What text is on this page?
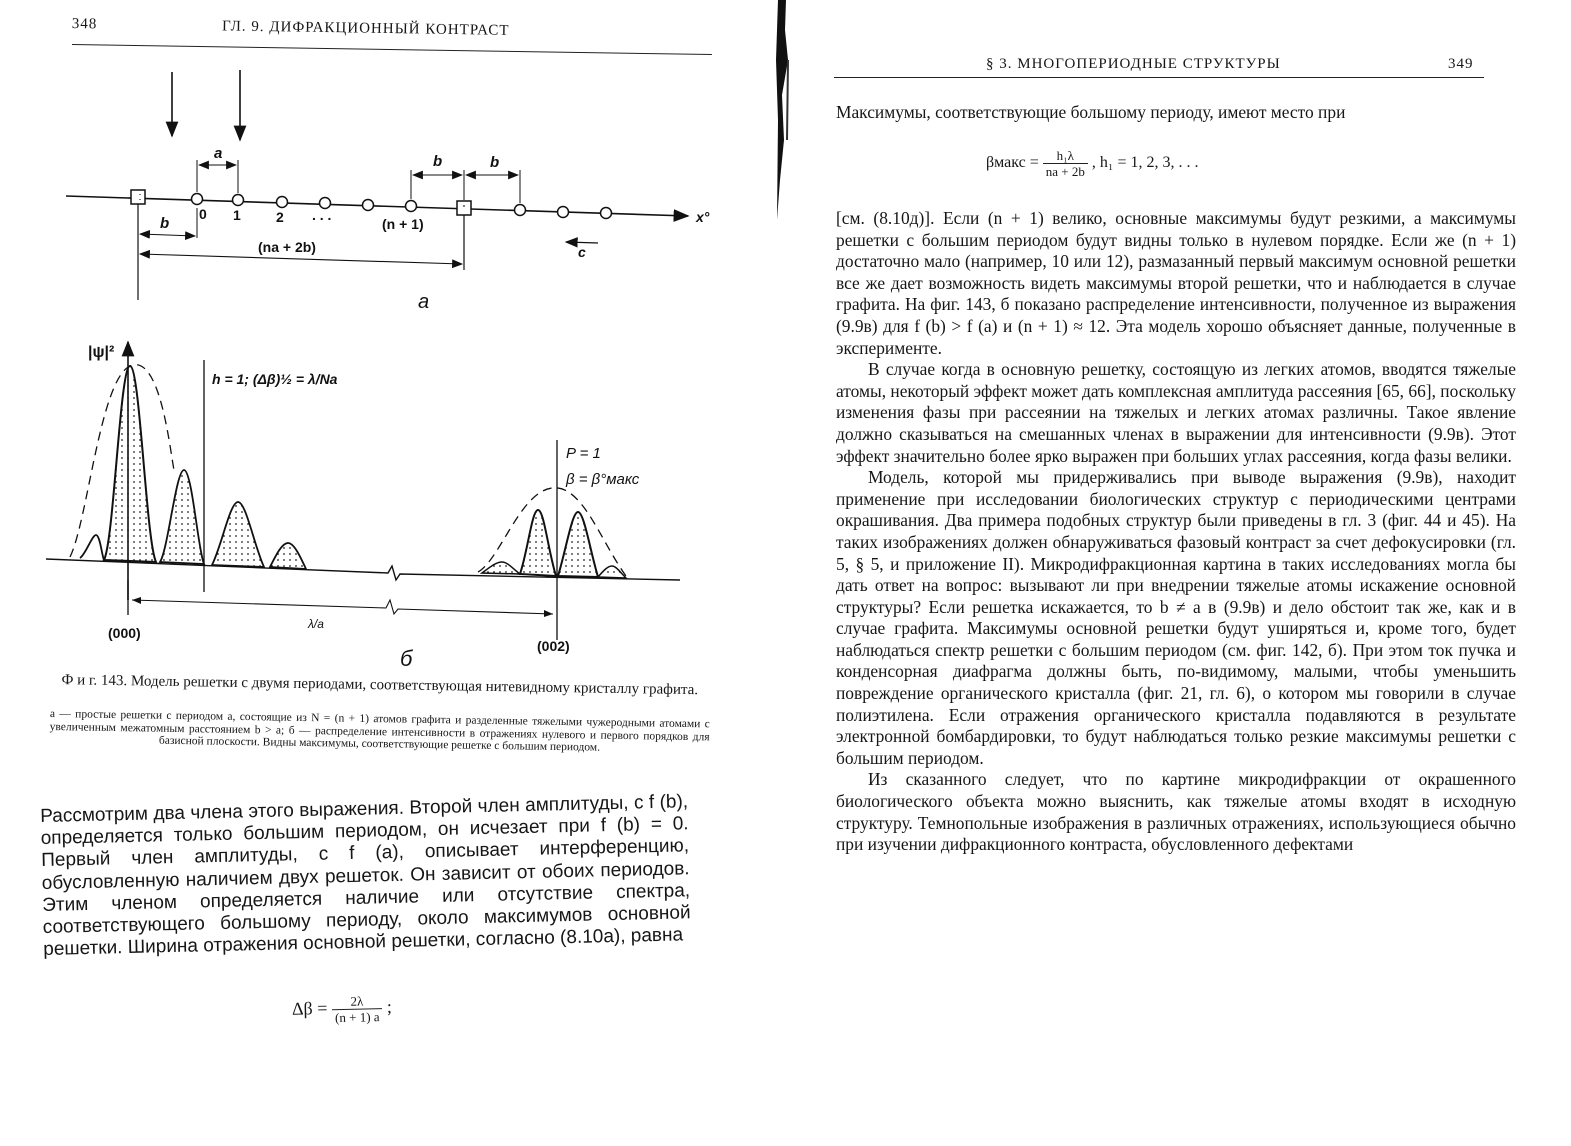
348	ГЛ. 9. ДИФРАКЦИОННЫЙ КОНТРАСТ
x°
a	b	b
0 1	2 . . .
(n + 1)
b
(na + 2b)	c
a
|ψ|²
h = 1; (Δβ)½ = λ/Na
P = 1
β = β°макс
λ/a
(000)
(002)
б
Ф и г. 143. Модель решетки с двумя периодами, соответствующая нитевидному кристаллу графита.
a — простые решетки с периодом a, состоящие из N = (n + 1) атомов графита и разделенные тяжелыми чужеродными атомами с увеличенным межатомным расстоянием b > a; б — распределение интенсивности в отражениях нулевого и первого порядков для базисной плоскости. Видны максимумы, соответствующие решетке с большим периодом.
Рассмотрим два члена этого выражения. Второй член амплитуды, с f (b), определяется только большим периодом, он исчезает при f (b) = 0. Первый член амплитуды, с f (a), описывает интерференцию, обусловленную наличием двух решеток. Он зависит от обоих периодов. Этим членом определяется наличие или отсутствие спектра, соответствующего большому периоду, около максимумов основной решетки. Ширина отражения основной решетки, согласно (8.10а), равна
$\Delta\beta = \frac{2\lambda}{(n + 1) a}$ ;
§ 3. МНОГОПЕРИОДНЫЕ СТРУКТУРЫ	349
Максимумы, соответствующие большому периоду, имеют место при
βмакс = $\frac{\text{h₁λ}}{na + 2b}$ , h₁ = 1, 2, 3, . . .

[см. (8.10д)]. Если (n + 1) велико, основные максимумы будут резкими, а максимумы решетки с большим периодом будут видны только в нулевом порядке. Если же (n + 1) достаточно мало (например, 10 или 12), размазанный первый максимум основной решетки все же дает возможность видеть максимумы второй решетки, что и наблюдается в случае графита. На фиг. 143, б показано распределение интенсивности, полученное из выражения (9.9в) для f (b) > f (a) и (n + 1) ≈ 12. Эта модель хорошо объясняет данные, полученные в эксперименте.

В случае когда в основную решетку, состоящую из легких атомов, вводятся тяжелые атомы, некоторый эффект может дать комплексная амплитуда рассеяния [65, 66], поскольку изменения фазы при рассеянии на тяжелых и легких атомах различны. Такое явление должно сказываться на смешанных членах в выражении для интенсивности (9.9в). Этот эффект значительно более ярко выражен при больших углах рассеяния, когда фазы велики.

Модель, которой мы придерживались при выводе выражения (9.9в), находит применение при исследовании биологических структур с периодическими центрами окрашивания. Два примера подобных структур были приведены в гл. 3 (фиг. 44 и 45). На таких изображениях должен обнаруживаться фазовый контраст за счет дефокусировки (гл. 5, § 5, и приложение II). Микродифракционная картина в таких исследованиях могла бы дать ответ на вопрос: вызывают ли при внедрении тяжелые атомы искажение основной структуры? Если решетка искажается, то b ≠ a в (9.9в) и дело обстоит так же, как и в случае графита. Максимумы основной решетки будут уширяться и, кроме того, будет наблюдаться спектр решетки с большим периодом (см. фиг. 142, б). При этом ток пучка и конденсорная диафрагма должны быть, по-видимому, малыми, чтобы уменьшить повреждение органического кристалла (фиг. 21, гл. 6), о котором мы говорили в случае полиэтилена. Если отражения органического кристалла подавляются в результате электронной бомбардировки, то будут наблюдаться только резкие максимумы решетки с большим периодом.

Из сказанного следует, что по картине микродифракции от окрашенного биологического объекта можно выяснить, как тяжелые атомы входят в исходную структуру. Темнопольные изображения в различных отражениях, использующиеся обычно при изучении дифракционного контраста, обусловленного дефектами
